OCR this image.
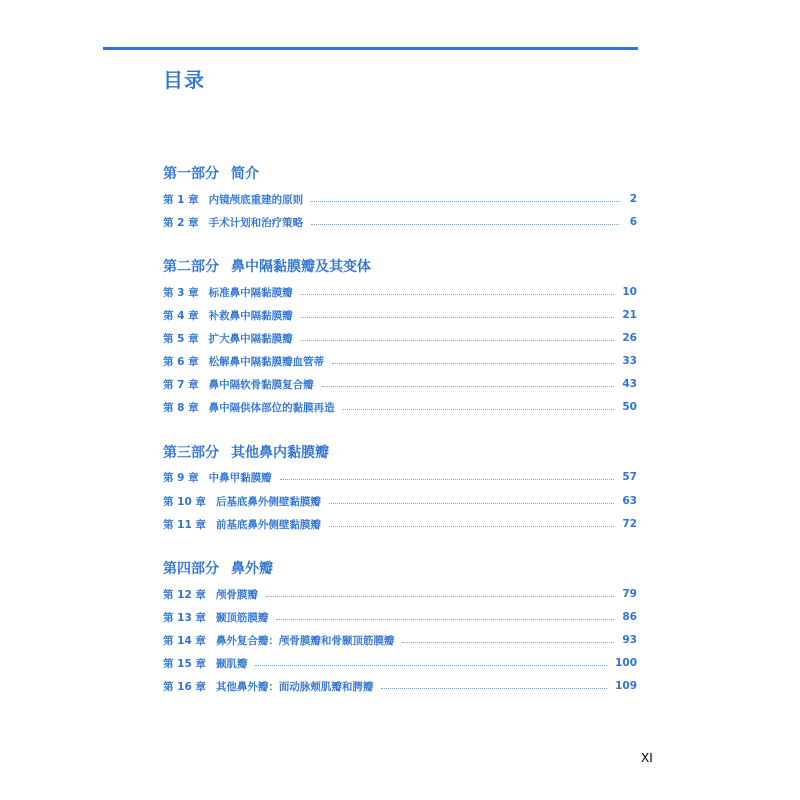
目录
第一部分 简介
第 1 章 内镜颅底重建的原则	2
第 2 章 手术计划和治疗策略	6
第二部分 鼻中隔黏膜瓣及其变体
第 3 章 标准鼻中隔黏膜瓣	10
第 4 章 补救鼻中隔黏膜瓣	21
第 5 章 扩大鼻中隔黏膜瓣	26
第 6 章 松解鼻中隔黏膜瓣血管蒂	33
第 7 章 鼻中隔软骨黏膜复合瓣	43
第 8 章 鼻中隔供体部位的黏膜再造	50
第三部分 其他鼻内黏膜瓣
第 9 章 中鼻甲黏膜瓣	57
第 10 章 后基底鼻外侧壁黏膜瓣	63
第 11 章 前基底鼻外侧壁黏膜瓣	72
第四部分 鼻外瓣
第 12 章 颅骨膜瓣	79
第 13 章 颞顶筋膜瓣	86
第 14 章 鼻外复合瓣：颅骨膜瓣和骨颞顶筋膜瓣	93
第 15 章 颞肌瓣	100
第 16 章 其他鼻外瓣：面动脉颊肌瓣和腭瓣	109
XI
